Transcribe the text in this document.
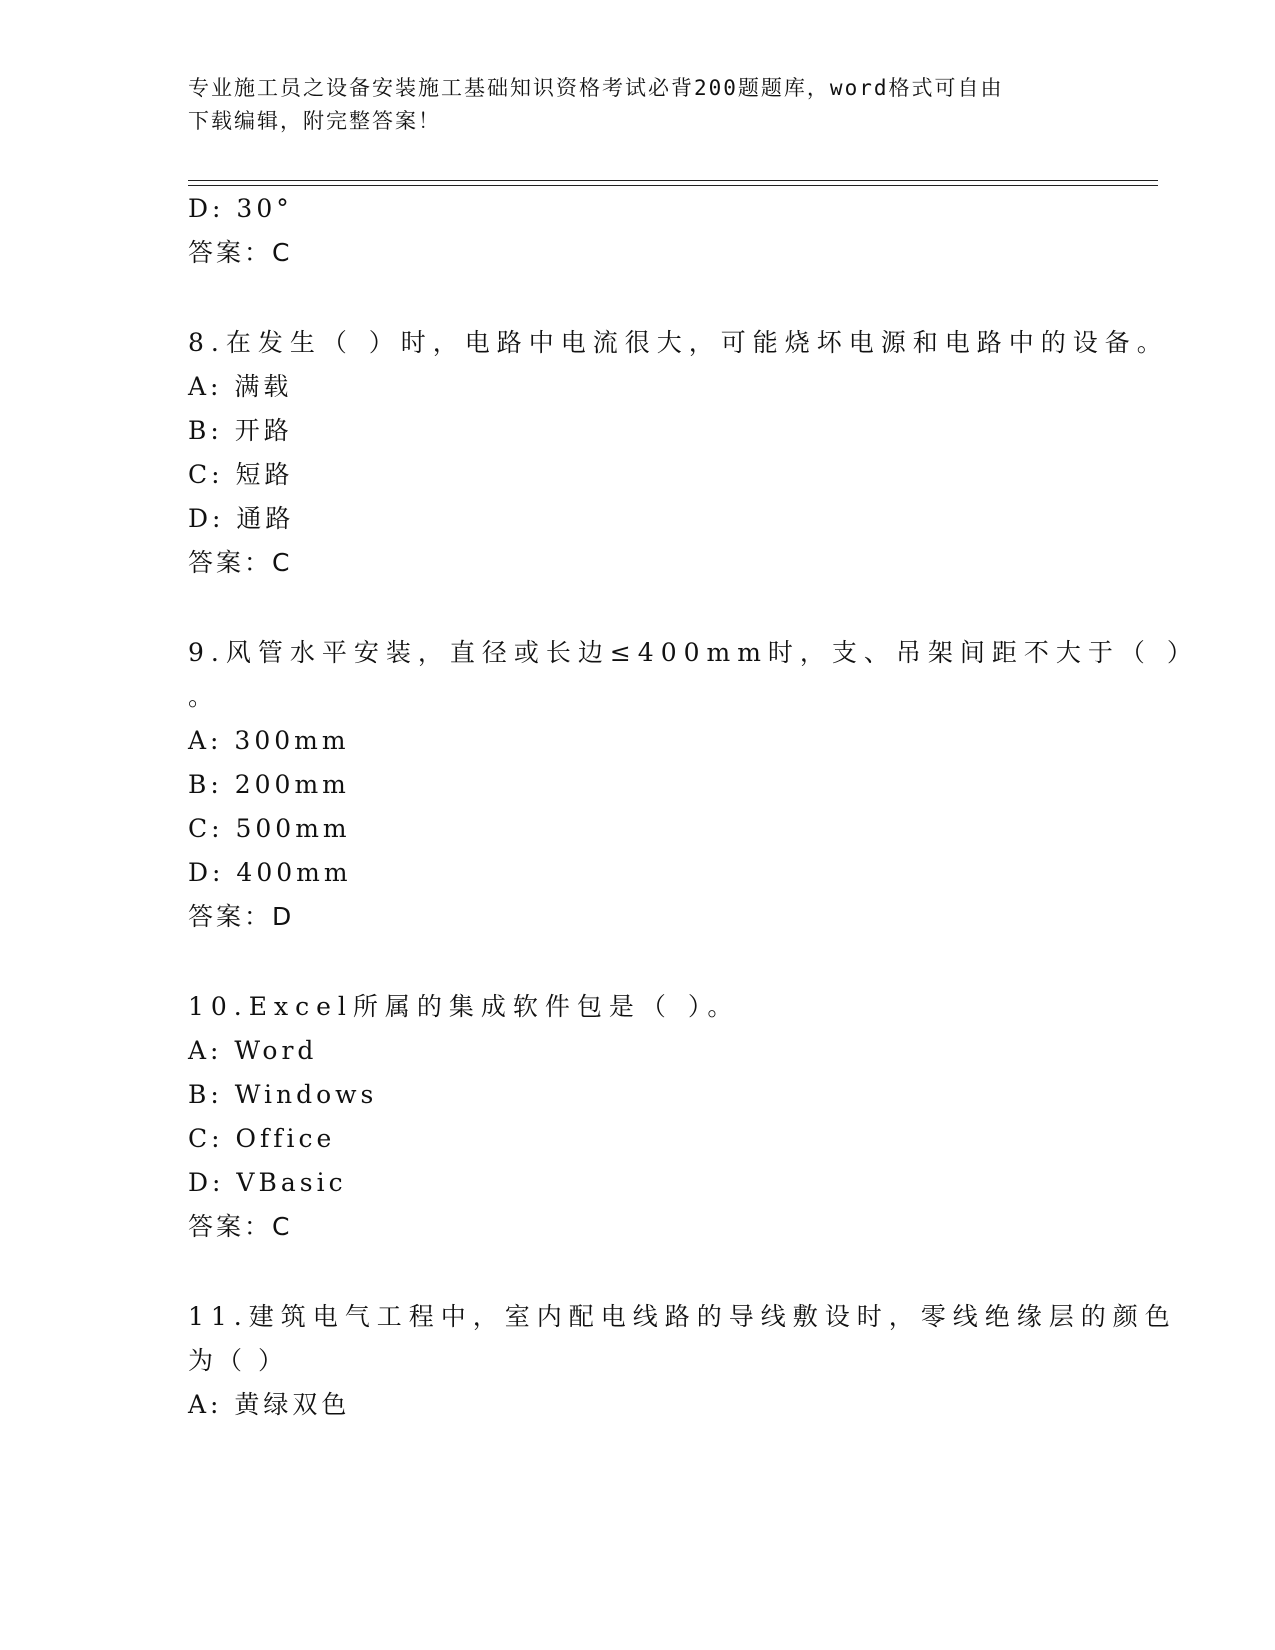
专业施工员之设备安装施工基础知识资格考试必背200题题库，word格式可自由
下载编辑，附完整答案！
D: 30°
答案：C
8.在发生（ ）时，电路中电流很大，可能烧坏电源和电路中的设备。
A: 满载
B: 开路
C: 短路
D: 通路
答案：C
9.风管水平安装，直径或长边≤400mm时，支、吊架间距不大于（ ）
。
A: 300mm
B: 200mm
C: 500mm
D: 400mm
答案：D
10.Excel所属的集成软件包是（ ）。
A: Word
B: Windows
C: Office
D: VBasic
答案：C
11.建筑电气工程中，室内配电线路的导线敷设时，零线绝缘层的颜色
为（ ）
A: 黄绿双色
